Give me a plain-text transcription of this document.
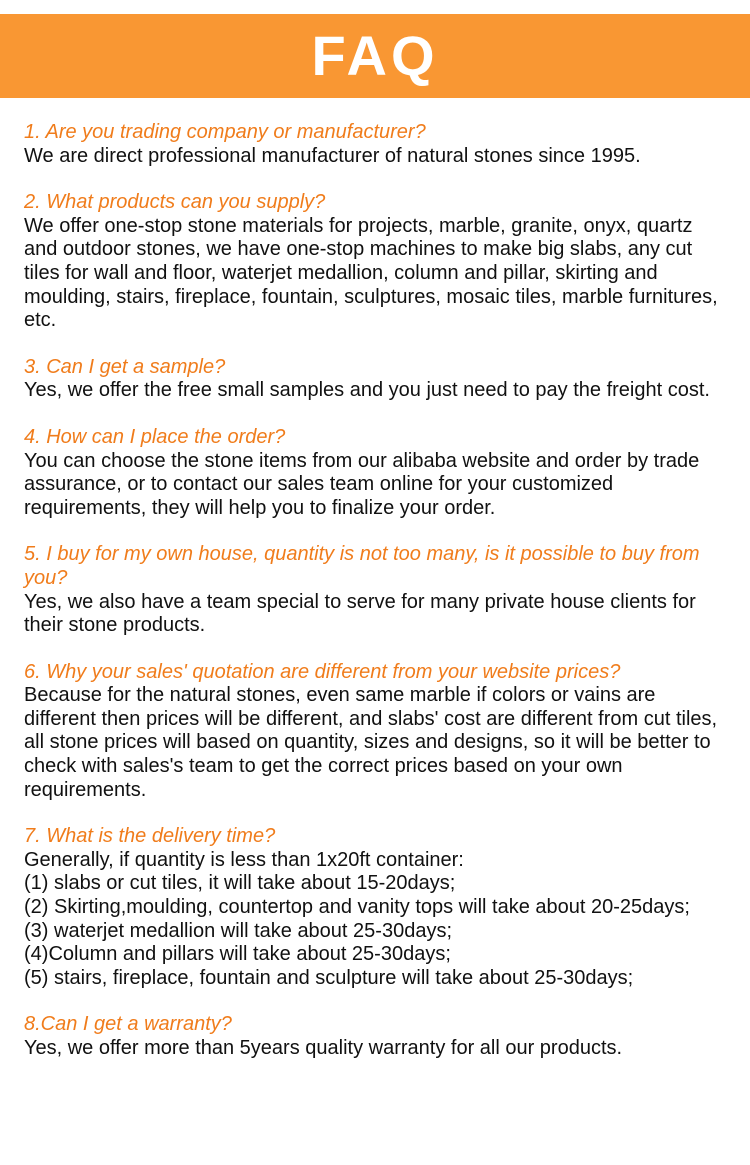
FAQ
1. Are you trading company or manufacturer?
We are direct professional manufacturer of natural stones since 1995.
2. What products can you supply?
We offer one-stop stone materials for projects, marble, granite, onyx, quartz and outdoor stones, we have one-stop machines to make big slabs, any cut tiles for wall and floor, waterjet medallion, column and pillar, skirting and moulding, stairs, fireplace, fountain, sculptures, mosaic tiles, marble furnitures, etc.
3. Can I get a sample?
Yes, we offer the free small samples and you just need to pay the freight cost.
4. How can I place the order?
You can choose the stone items from our alibaba website and order by trade assurance, or to contact our sales team online for your customized requirements, they will help you to finalize your order.
5. I buy for my own house, quantity is not too many, is it possible to buy from you?
Yes, we also have a team special to serve for many private house clients for their stone products.
6. Why your sales' quotation are different from your website prices?
Because for the natural stones, even same marble if colors or vains are different then prices will be different, and slabs' cost are different from cut tiles, all stone prices will based on quantity, sizes and designs, so it will be better to check with sales's team to get the correct prices based on your own requirements.
7. What is the delivery time?
Generally, if quantity is less than 1x20ft container:
(1) slabs or cut tiles, it will take about 15-20days;
(2) Skirting,moulding, countertop and vanity tops will take about 20-25days;
(3) waterjet medallion will take about 25-30days;
(4)Column and pillars will take about 25-30days;
(5) stairs, fireplace, fountain and sculpture will take about 25-30days;
8.Can I get a warranty?
Yes, we offer more than 5years quality warranty for all our products.
